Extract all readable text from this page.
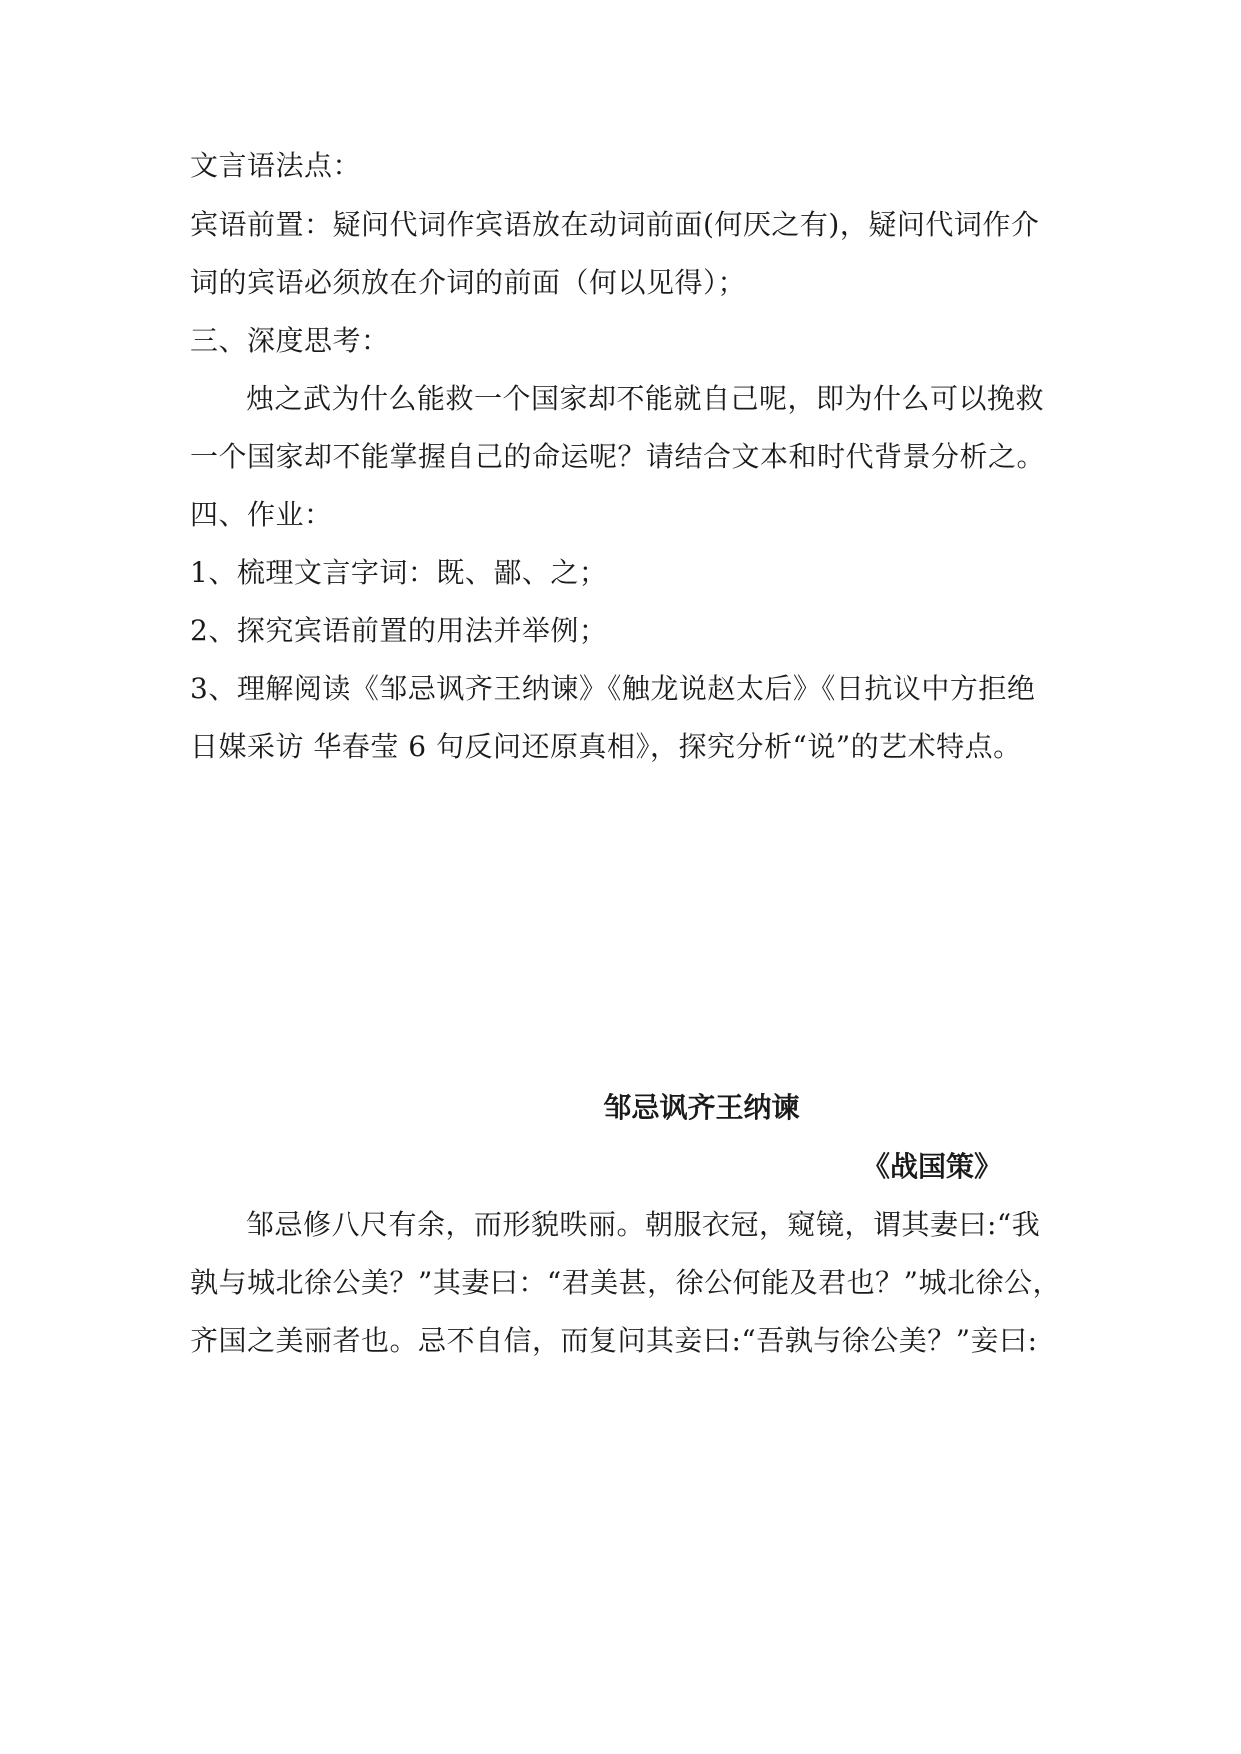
文言语法点：
宾语前置：疑问代词作宾语放在动词前面(何厌之有)，疑问代词作介
词的宾语必须放在介词的前面（何以见得）；
三、深度思考：
烛之武为什么能救一个国家却不能就自己呢，即为什么可以挽救
一个国家却不能掌握自己的命运呢？请结合文本和时代背景分析之。
四、作业：
1、梳理文言字词：既、鄙、之；
2、探究宾语前置的用法并举例；
3、理解阅读《邹忌讽齐王纳谏》《触龙说赵太后》《日抗议中方拒绝
日媒采访 华春莹 6 句反问还原真相》，探究分析“说”的艺术特点。
邹忌讽齐王纳谏
《战国策》
邹忌修八尺有余，而形貌昳丽。朝服衣冠，窥镜，谓其妻曰:“我
孰与城北徐公美？”其妻曰：“君美甚，徐公何能及君也？”城北徐公，
齐国之美丽者也。忌不自信，而复问其妾曰:“吾孰与徐公美？”妾曰:
